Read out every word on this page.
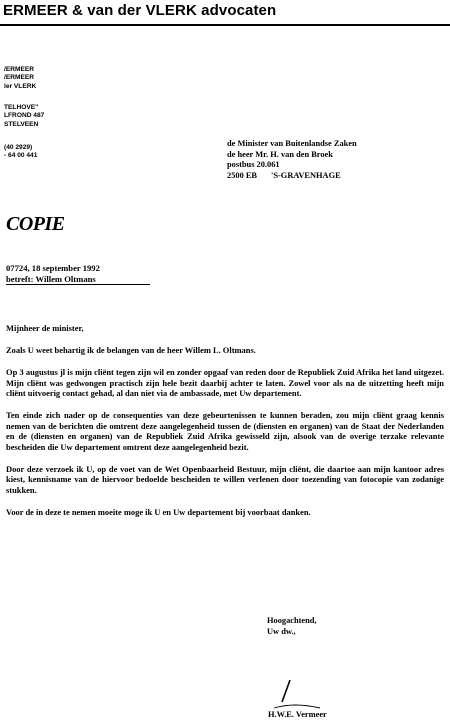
ERMEER & van der VLERK advocaten
/ERMEER
/ERMEER
ler VLERK
TELHOVE"
LFROND 487
STELVEEN
(40 2929)
- 64 00 441
de Minister van Buitenlandse Zaken
de heer Mr. H. van den Broek
postbus 20.061
2500 EB 'S-GRAVENHAGE
COPIE
07724, 18 september 1992
betreft: Willem Oltmans

Mijnheer de minister,

Zoals U weet behartig ik de belangen van de heer Willem L. Oltmans.

Op 3 augustus jl is mijn cliënt tegen zijn wil en zonder opgaaf van reden door de Republiek Zuid Afrika het land uitgezet. Mijn cliënt was gedwongen practisch zijn hele bezit daarbij achter te laten. Zowel voor als na de uitzetting heeft mijn cliënt uitvoerig contact gehad, al dan niet via de ambassade, met Uw departement.

Ten einde zich nader op de consequenties van deze gebeurtenissen te kunnen beraden, zou mijn cliënt graag kennis nemen van de berichten die omtrent deze aangelegenheid tussen de (diensten en organen) van de Staat der Nederlanden en de (diensten en organen) van de Republiek Zuid Afrika gewisseld zijn, alsook van de overige terzake relevante bescheiden die Uw departement omtrent deze aangelegenheid bezit.

Door deze verzoek ik U, op de voet van de Wet Openbaarheid Bestuur, mijn cliënt, die daartoe aan mijn kantoor adres kiest, kennisname van de hiervoor bedoelde bescheiden te willen verlenen door toezending van fotocopie van zodanige stukken.

Voor de in deze te nemen moeite moge ik U en Uw departement bij voorbaat danken.

Hoogachtend,
Uw dw.,
H.W.E. Vermeer
